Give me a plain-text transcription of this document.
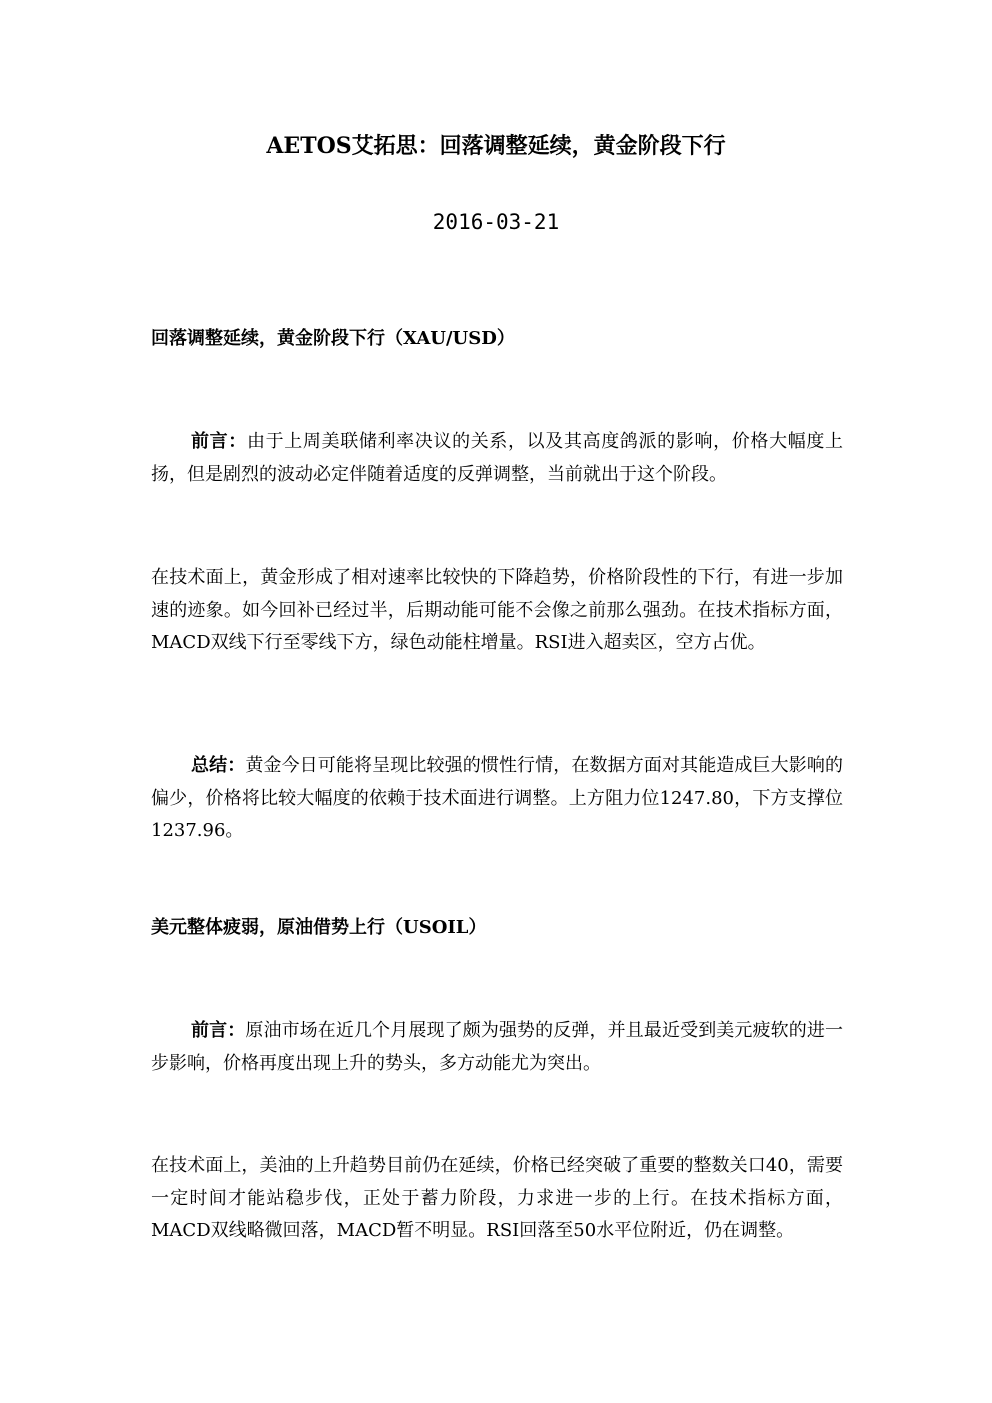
AETOS艾拓思：回落调整延续，黄金阶段下行
2016-03-21
回落调整延续，黄金阶段下行（XAU/USD）

前言：由于上周美联储利率决议的关系，以及其高度鸽派的影响，价格大幅度上扬，但是剧烈的波动必定伴随着适度的反弹调整，当前就出于这个阶段。

在技术面上，黄金形成了相对速率比较快的下降趋势，价格阶段性的下行，有进一步加速的迹象。如今回补已经过半，后期动能可能不会像之前那么强劲。在技术指标方面，MACD双线下行至零线下方，绿色动能柱增量。RSI进入超卖区，空方占优。

总结：黄金今日可能将呈现比较强的惯性行情，在数据方面对其能造成巨大影响的偏少，价格将比较大幅度的依赖于技术面进行调整。上方阻力位1247.80，下方支撑位1237.96。

美元整体疲弱，原油借势上行（USOIL）

前言：原油市场在近几个月展现了颇为强势的反弹，并且最近受到美元疲软的进一步影响，价格再度出现上升的势头，多方动能尤为突出。

在技术面上，美油的上升趋势目前仍在延续，价格已经突破了重要的整数关口40，需要一定时间才能站稳步伐，正处于蓄力阶段，力求进一步的上行。在技术指标方面，MACD双线略微回落，MACD暂不明显。RSI回落至50水平位附近，仍在调整。
